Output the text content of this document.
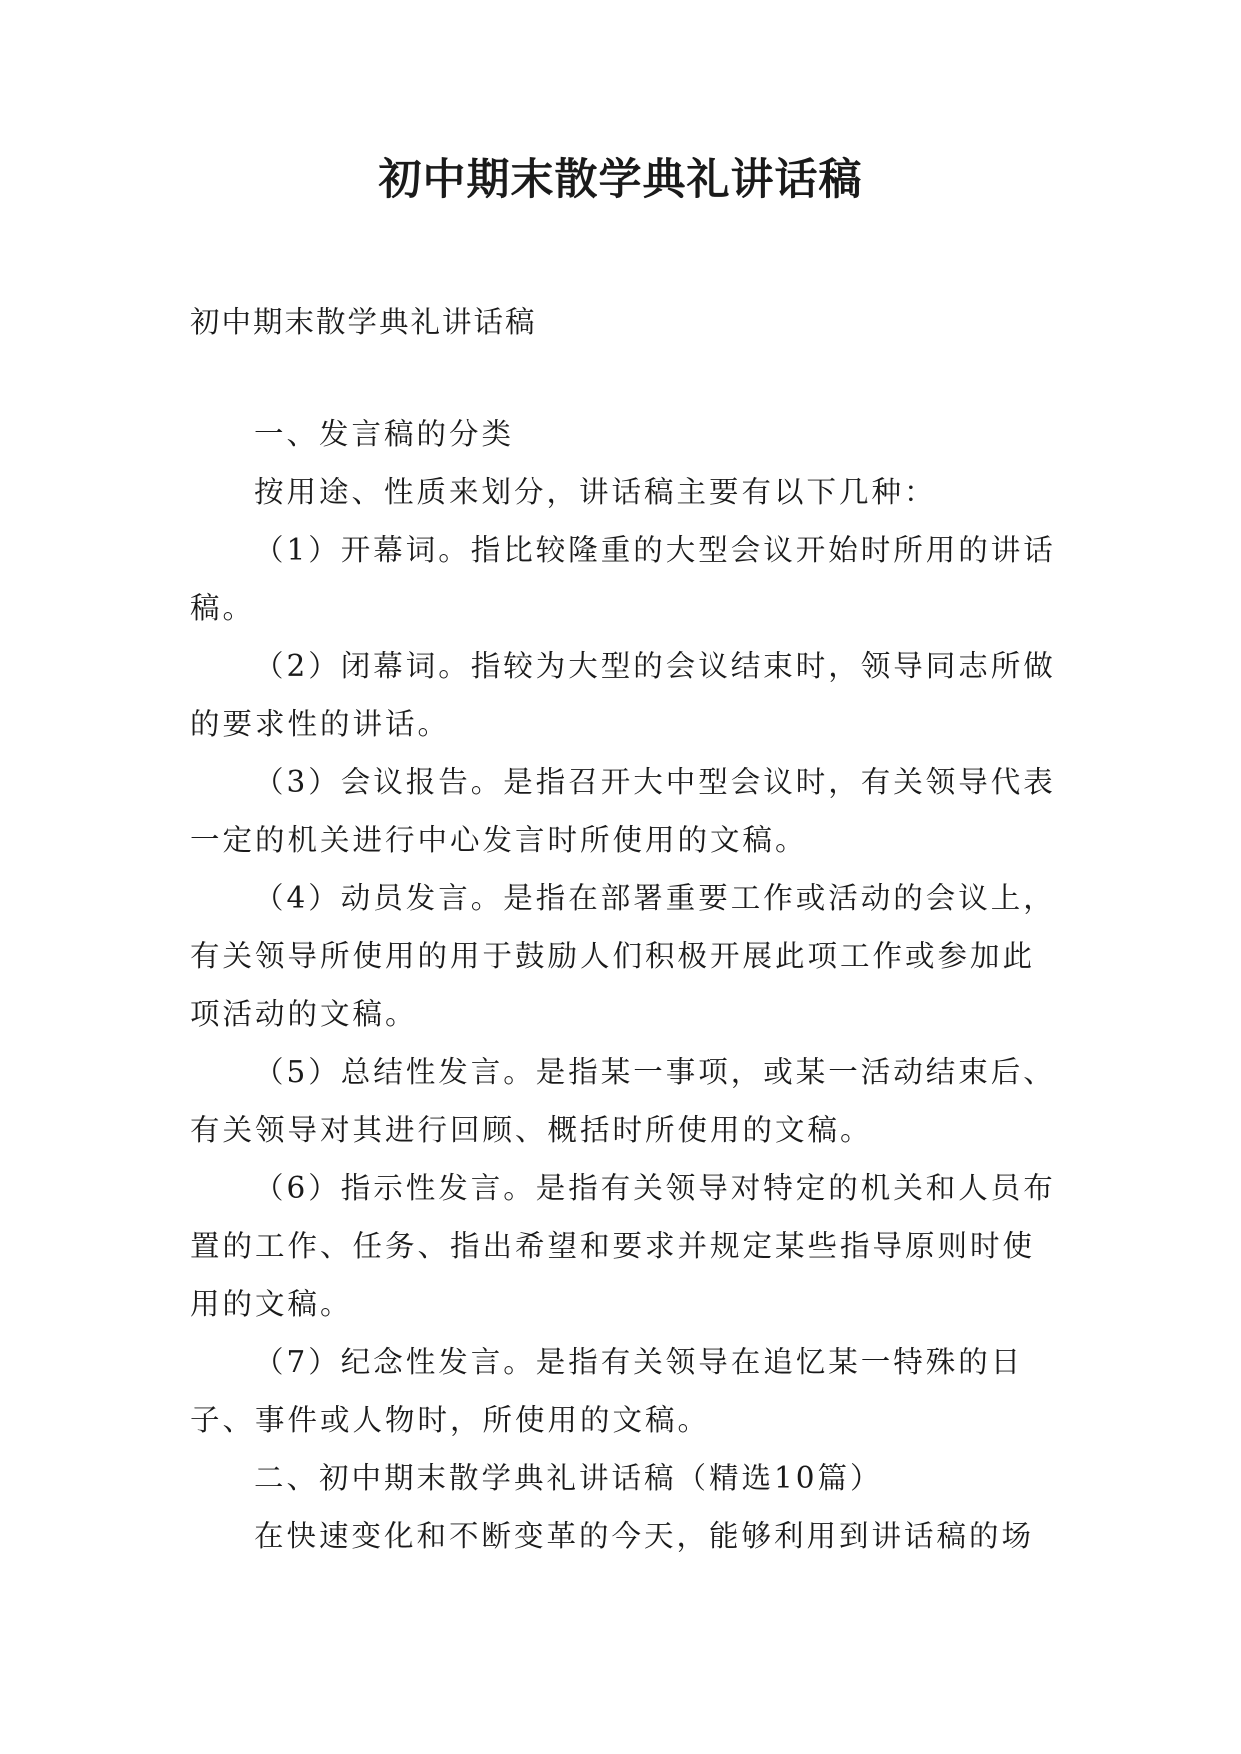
初中期末散学典礼讲话稿

初中期末散学典礼讲话稿

一、发言稿的分类

按用途、性质来划分，讲话稿主要有以下几种：

（1）开幕词。指比较隆重的大型会议开始时所用的讲话稿。

（2）闭幕词。指较为大型的会议结束时，领导同志所做的要求性的讲话。

（3）会议报告。是指召开大中型会议时，有关领导代表一定的机关进行中心发言时所使用的文稿。

（4）动员发言。是指在部署重要工作或活动的会议上，有关领导所使用的用于鼓励人们积极开展此项工作或参加此项活动的文稿。

（5）总结性发言。是指某一事项，或某一活动结束后、有关领导对其进行回顾、概括时所使用的文稿。

（6）指示性发言。是指有关领导对特定的机关和人员布置的工作、任务、指出希望和要求并规定某些指导原则时使用的文稿。

（7）纪念性发言。是指有关领导在追忆某一特殊的日子、事件或人物时，所使用的文稿。

二、初中期末散学典礼讲话稿（精选10篇）

在快速变化和不断变革的今天，能够利用到讲话稿的场
